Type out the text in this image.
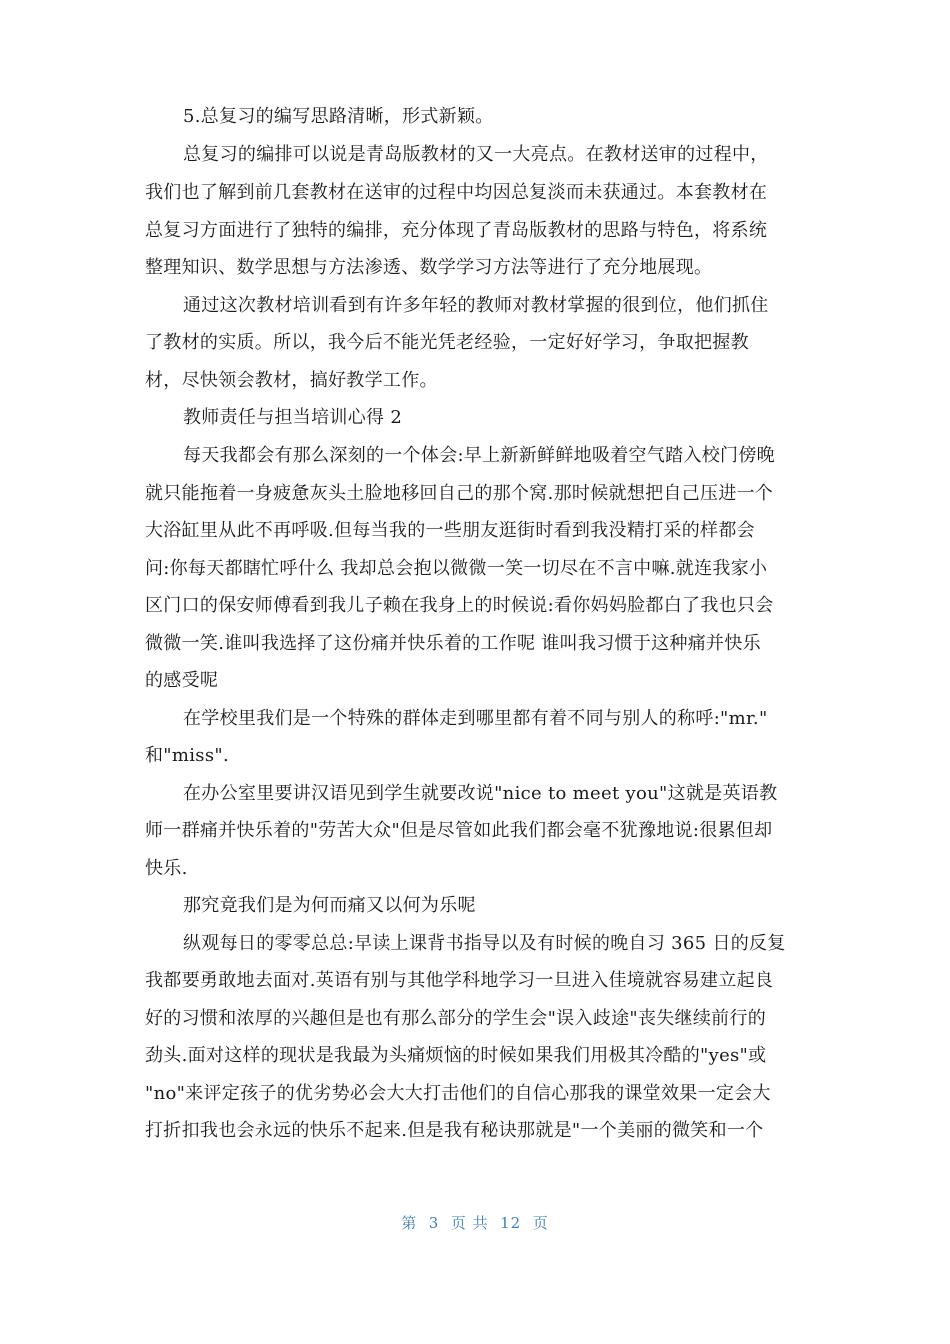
5.总复习的编写思路清晰，形式新颖。
总复习的编排可以说是青岛版教材的又一大亮点。在教材送审的过程中，
我们也了解到前几套教材在送审的过程中均因总复淡而未获通过。本套教材在
总复习方面进行了独特的编排，充分体现了青岛版教材的思路与特色，将系统
整理知识、数学思想与方法渗透、数学学习方法等进行了充分地展现。
通过这次教材培训看到有许多年轻的教师对教材掌握的很到位，他们抓住
了教材的实质。所以，我今后不能光凭老经验，一定好好学习，争取把握教
材，尽快领会教材，搞好教学工作。
教师责任与担当培训心得 2
每天我都会有那么深刻的一个体会:早上新新鲜鲜地吸着空气踏入校门傍晚
就只能拖着一身疲惫灰头土脸地移回自己的那个窝.那时候就想把自己压进一个
大浴缸里从此不再呼吸.但每当我的一些朋友逛街时看到我没精打采的样都会
问:你每天都瞎忙呼什么 我却总会抱以微微一笑一切尽在不言中嘛.就连我家小
区门口的保安师傅看到我儿子赖在我身上的时候说:看你妈妈脸都白了我也只会
微微一笑.谁叫我选择了这份痛并快乐着的工作呢 谁叫我习惯于这种痛并快乐
的感受呢
在学校里我们是一个特殊的群体走到哪里都有着不同与别人的称呼:"mr."
和"miss".
在办公室里要讲汉语见到学生就要改说"nice to meet you"这就是英语教
师一群痛并快乐着的"劳苦大众"但是尽管如此我们都会毫不犹豫地说:很累但却
快乐.
那究竟我们是为何而痛又以何为乐呢
纵观每日的零零总总:早读上课背书指导以及有时候的晚自习 365 日的反复
我都要勇敢地去面对.英语有别与其他学科地学习一旦进入佳境就容易建立起良
好的习惯和浓厚的兴趣但是也有那么部分的学生会"误入歧途"丧失继续前行的
劲头.面对这样的现状是我最为头痛烦恼的时候如果我们用极其冷酷的"yes"或
"no"来评定孩子的优劣势必会大大打击他们的自信心那我的课堂效果一定会大
打折扣我也会永远的快乐不起来.但是我有秘诀那就是"一个美丽的微笑和一个
第  3  页 共  12  页
